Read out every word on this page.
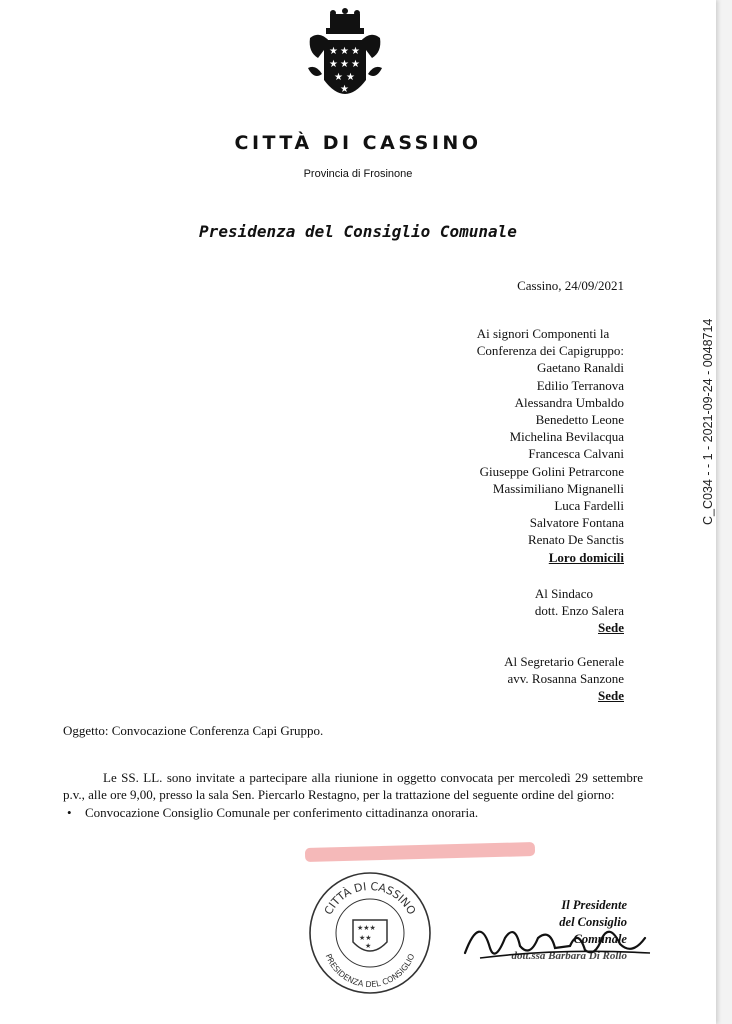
★ ★ ★
★ ★ ★
★ ★
★
CITTÀ DI CASSINO
Provincia di Frosinone
Presidenza del Consiglio Comunale
Cassino, 24/09/2021
Ai signori Componenti la
Conferenza dei Capigruppo:
Gaetano Ranaldi
Edilio Terranova
Alessandra Umbaldo
Benedetto Leone
Michelina Bevilacqua
Francesca Calvani
Giuseppe Golini Petrarcone
Massimiliano Mignanelli
Luca Fardelli
Salvatore Fontana
Renato De Sanctis
Loro domicili
Al Sindaco
dott. Enzo Salera
Sede
Al Segretario Generale
avv. Rosanna Sanzone
Sede
Oggetto: Convocazione Conferenza Capi Gruppo.

Le SS. LL. sono invitate a partecipare alla riunione in oggetto convocata per mercoledì 29 settembre p.v., alle ore 9,00, presso la sala Sen. Piercarlo Restagno, per la trattazione del seguente ordine del giorno:

• Convocazione Consiglio Comunale per conferimento cittadinanza onoraria.
CITTÀ DI CASSINO
PRESIDENZA DEL CONSIGLIO
★★★
★★
★
Il Presidente
del Consiglio Comunale
dott.ssa Barbara Di Rollo
C_C034 - - 1 - 2021-09-24 - 0048714
